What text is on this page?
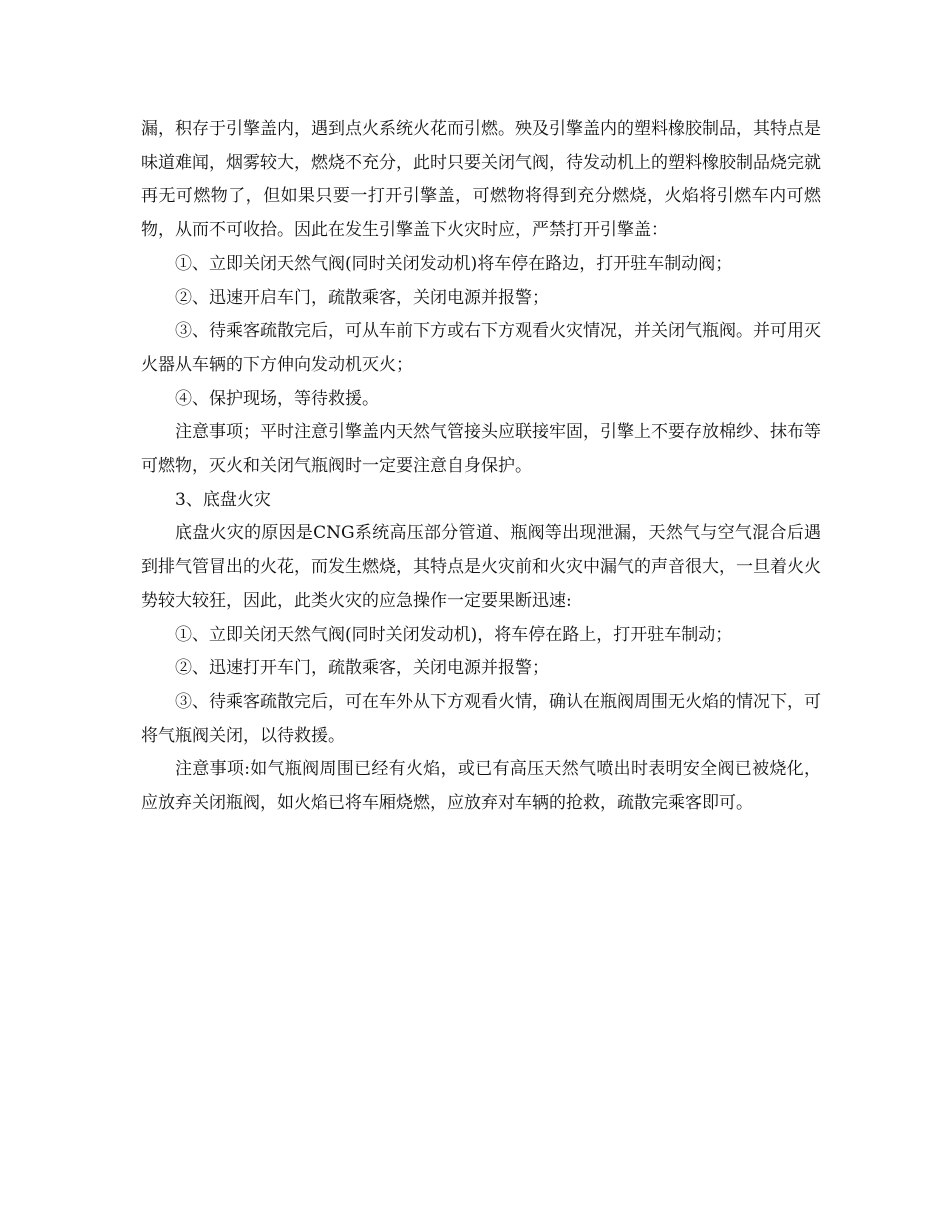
漏，积存于引擎盖内，遇到点火系统火花而引燃。殃及引擎盖内的塑料橡胶制品，其特点是味道难闻，烟雾较大，燃烧不充分，此时只要关闭气阀，待发动机上的塑料橡胶制品烧完就再无可燃物了，但如果只要一打开引擎盖，可燃物将得到充分燃烧，火焰将引燃车内可燃物，从而不可收拾。因此在发生引擎盖下火灾时应，严禁打开引擎盖：

①、立即关闭天然气阀(同时关闭发动机)将车停在路边，打开驻车制动阀；

②、迅速开启车门，疏散乘客，关闭电源并报警；

③、待乘客疏散完后，可从车前下方或右下方观看火灾情况，并关闭气瓶阀。并可用灭火器从车辆的下方伸向发动机灭火；

④、保护现场，等待救援。

注意事项；平时注意引擎盖内天然气管接头应联接牢固，引擎上不要存放棉纱、抹布等可燃物，灭火和关闭气瓶阀时一定要注意自身保护。

3、底盘火灾

底盘火灾的原因是CNG系统高压部分管道、瓶阀等出现泄漏，天然气与空气混合后遇到排气管冒出的火花，而发生燃烧，其特点是火灾前和火灾中漏气的声音很大，一旦着火火势较大较狂，因此，此类火灾的应急操作一定要果断迅速:

①、立即关闭天然气阀(同时关闭发动机)，将车停在路上，打开驻车制动；

②、迅速打开车门，疏散乘客，关闭电源并报警；

③、待乘客疏散完后，可在车外从下方观看火情，确认在瓶阀周围无火焰的情况下，可将气瓶阀关闭，以待救援。

注意事项:如气瓶阀周围已经有火焰，或已有高压天然气喷出时表明安全阀已被烧化，应放弃关闭瓶阀，如火焰已将车厢烧燃，应放弃对车辆的抢救，疏散完乘客即可。
